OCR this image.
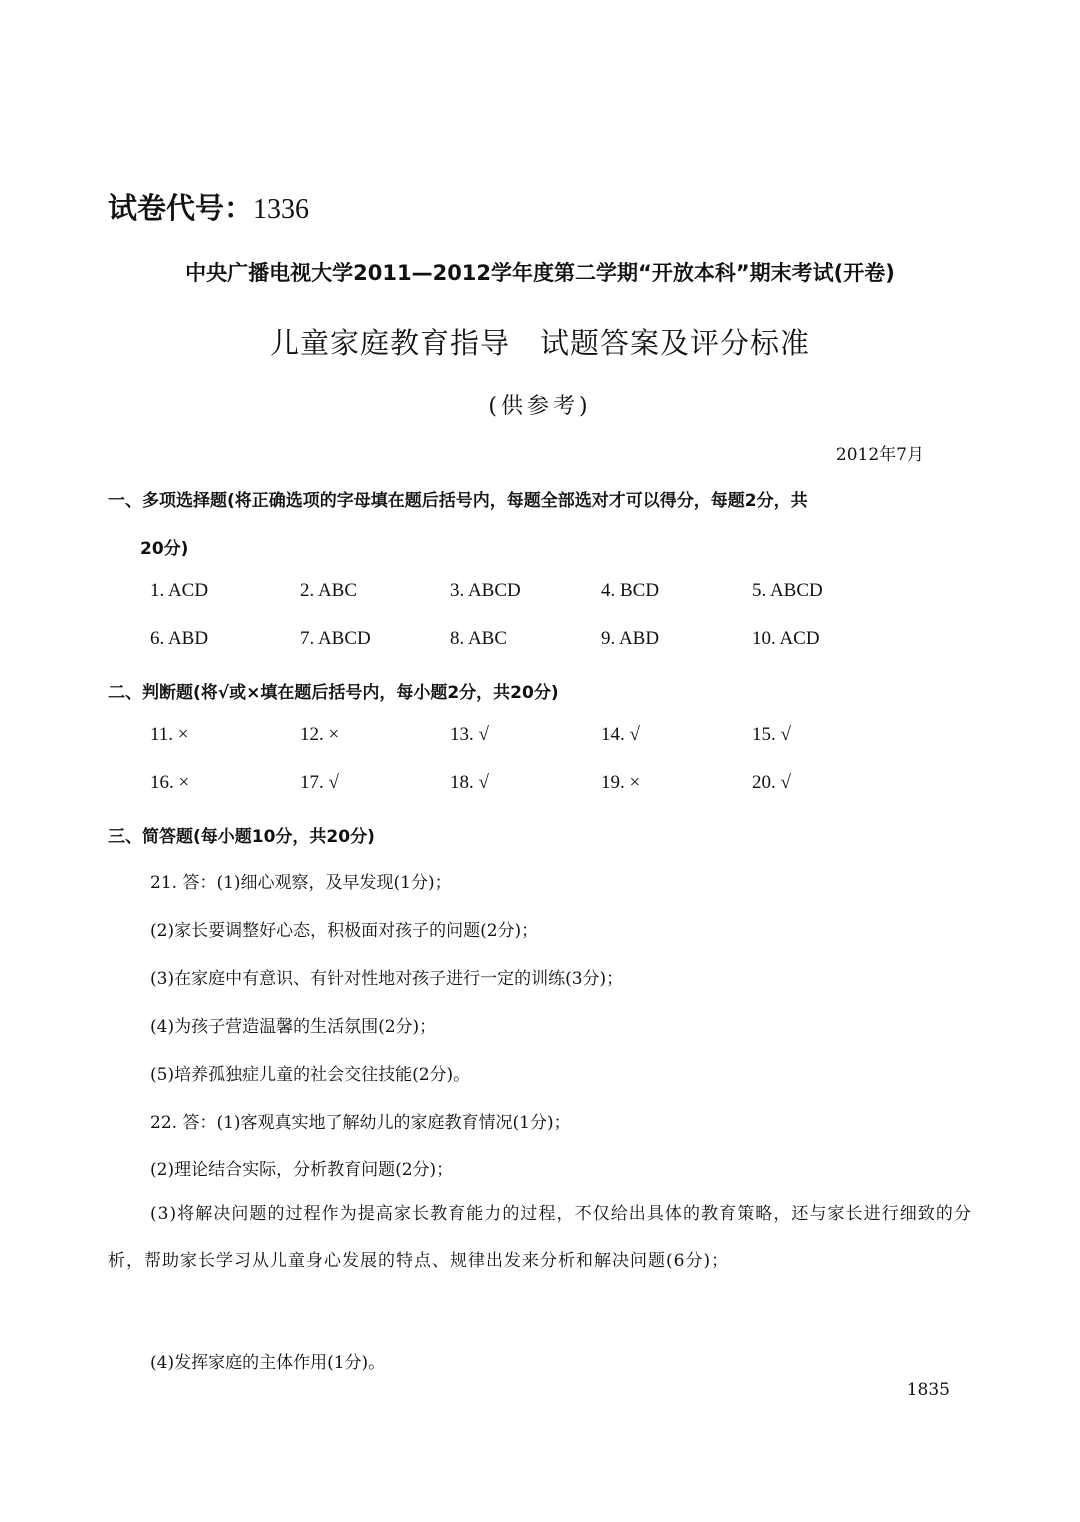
试卷代号：1336
中央广播电视大学2011—2012学年度第二学期“开放本科”期末考试(开卷)
儿童家庭教育指导　试题答案及评分标准
(供参考)
2012年7月
一、多项选择题(将正确选项的字母填在题后括号内，每题全部选对才可以得分，每题2分，共
20分)
1. ACD	2. ABC	3. ABCD	4. BCD	5. ABCD
6. ABD	7. ABCD	8. ABC	9. ABD	10. ACD
二、判断题(将√或×填在题后括号内，每小题2分，共20分)
11. ×	12. ×	13. √	14. √	15. √
16. ×	17. √	18. √	19. ×	20. √
三、简答题(每小题10分，共20分)
21. 答：(1)细心观察，及早发现(1分)；
(2)家长要调整好心态，积极面对孩子的问题(2分)；
(3)在家庭中有意识、有针对性地对孩子进行一定的训练(3分)；
(4)为孩子营造温馨的生活氛围(2分)；
(5)培养孤独症儿童的社会交往技能(2分)。
22. 答：(1)客观真实地了解幼儿的家庭教育情况(1分)；
(2)理论结合实际，分析教育问题(2分)；
(3)将解决问题的过程作为提高家长教育能力的过程，不仅给出具体的教育策略，还与家长进行细致的分析，帮助家长学习从儿童身心发展的特点、规律出发来分析和解决问题(6分)；
(4)发挥家庭的主体作用(1分)。
1835
